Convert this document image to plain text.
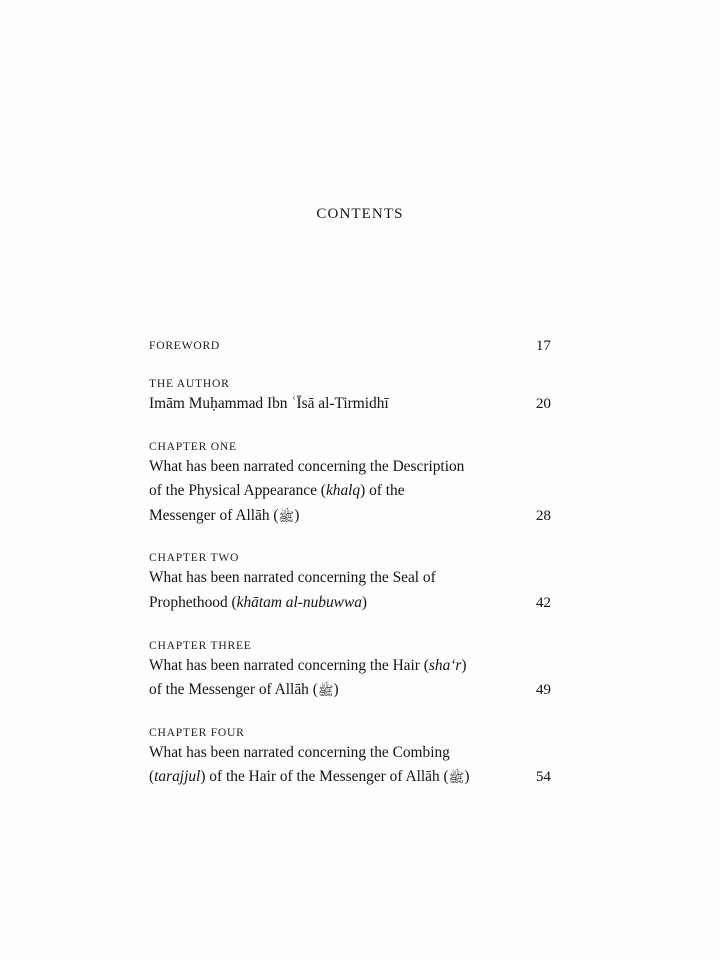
CONTENTS
FOREWORD	17
THE AUTHOR
Imām Muḥammad Ibn ʿĪsā al-Tirmidhī	20
CHAPTER ONE
What has been narrated concerning the Description
of the Physical Appearance (khalq) of the
Messenger of Allāh (ﷺ)	28
CHAPTER TWO
What has been narrated concerning the Seal of
Prophethood (khātam al-nubuwwa)	42
CHAPTER THREE
What has been narrated concerning the Hair (sha‘r)
of the Messenger of Allāh (ﷺ)	49
CHAPTER FOUR
What has been narrated concerning the Combing
(tarajjul) of the Hair of the Messenger of Allāh (ﷺ)	54
